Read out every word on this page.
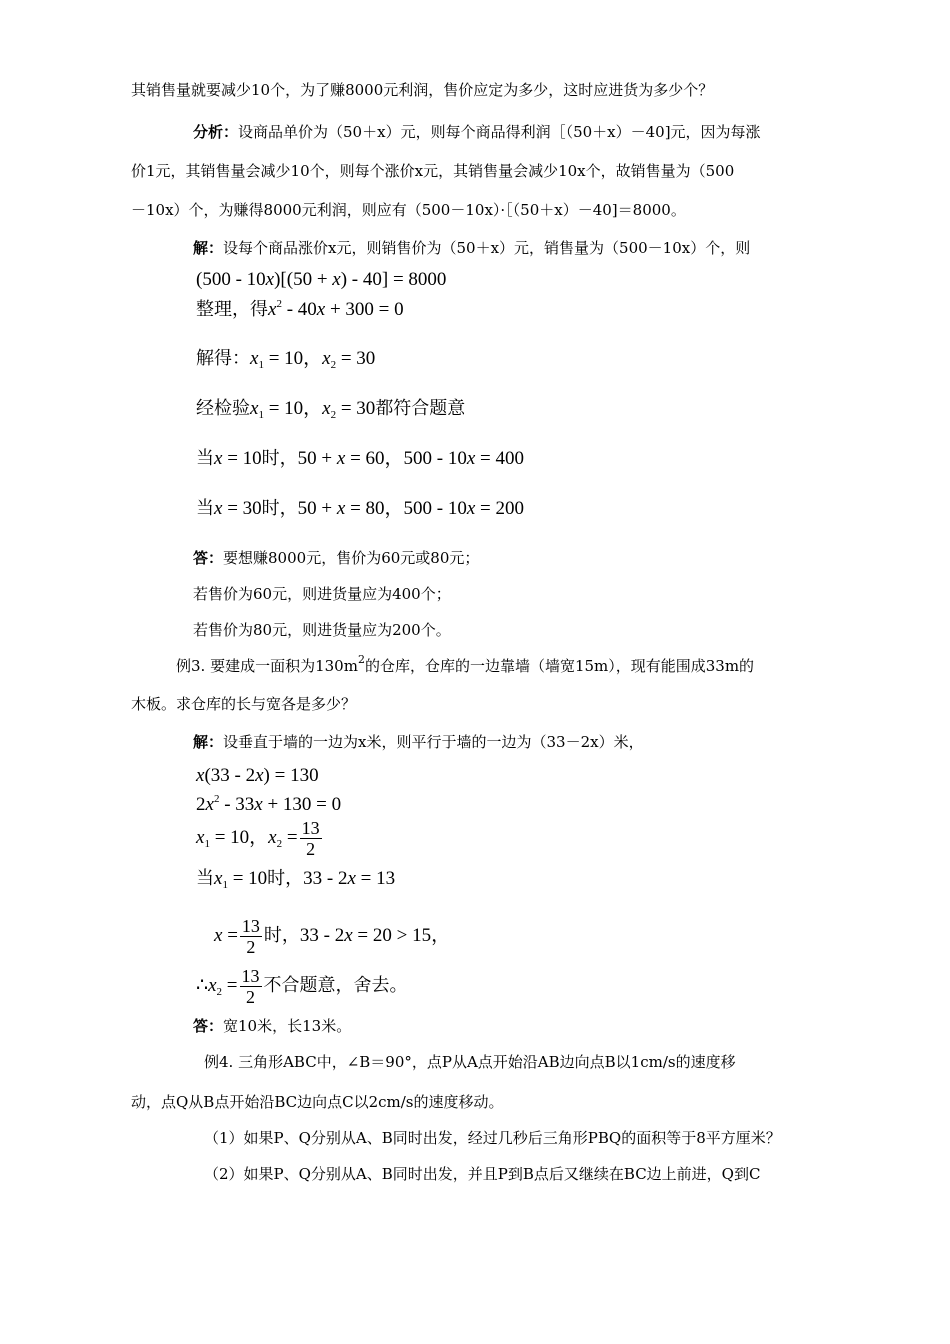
其销售量就要减少10个，为了赚8000元利润，售价应定为多少，这时应进货为多少个？
分析：设商品单价为（50＋x）元，则每个商品得利润［（50＋x）－40]元，因为每涨
价1元，其销售量会减少10个，则每个涨价x元，其销售量会减少10x个，故销售量为（500
－10x）个，为赚得8000元利润，则应有（500－10x）·［（50＋x）－40]＝8000。
解：设每个商品涨价x元，则销售价为（50＋x）元，销售量为（500－10x）个，则
(500 - 10x)[(50 + x) - 40] = 8000
整理，得$x^2 - 40x + 300 = 0$
解得：$x_1 = 10$，$x_2 = 30$
经检验$x_1 = 10$，$x_2 = 30$都符合题意
当x = 10时，50 + x = 60，500 - 10x = 400
当x = 30时，50 + x = 80，500 - 10x = 200
答：要想赚8000元，售价为60元或80元；
若售价为60元，则进货量应为400个；
若售价为80元，则进货量应为200个。
例3. 要建成一面积为$130m^2$的仓库，仓库的一边靠墙（墙宽15m），现有能围成33m的
木板。求仓库的长与宽各是多少？
解：设垂直于墙的一边为x米，则平行于墙的一边为（33－2x）米，
x(33 - 2x) = 130
$2x^2 - 33x + 130 = 0$
$x_1 = 10$，$x_2 = \frac{13}{2}$
当$x_1 = 10$时，33 - 2x = 13
$x = \frac{13}{2}$ 时，33 - 2x = 20 > 15，
$\therefore x_2 = \frac{13}{2}$ 不合题意，舍去。
答：宽10米，长13米。
例4. 三角形ABC中，∠B＝90°，点P从A点开始沿AB边向点B以1cm/s的速度移
动，点Q从B点开始沿BC边向点C以2cm/s的速度移动。
（1）如果P、Q分别从A、B同时出发，经过几秒后三角形PBQ的面积等于8平方厘米？
（2）如果P、Q分别从A、B同时出发，并且P到B点后又继续在BC边上前进，Q到C
